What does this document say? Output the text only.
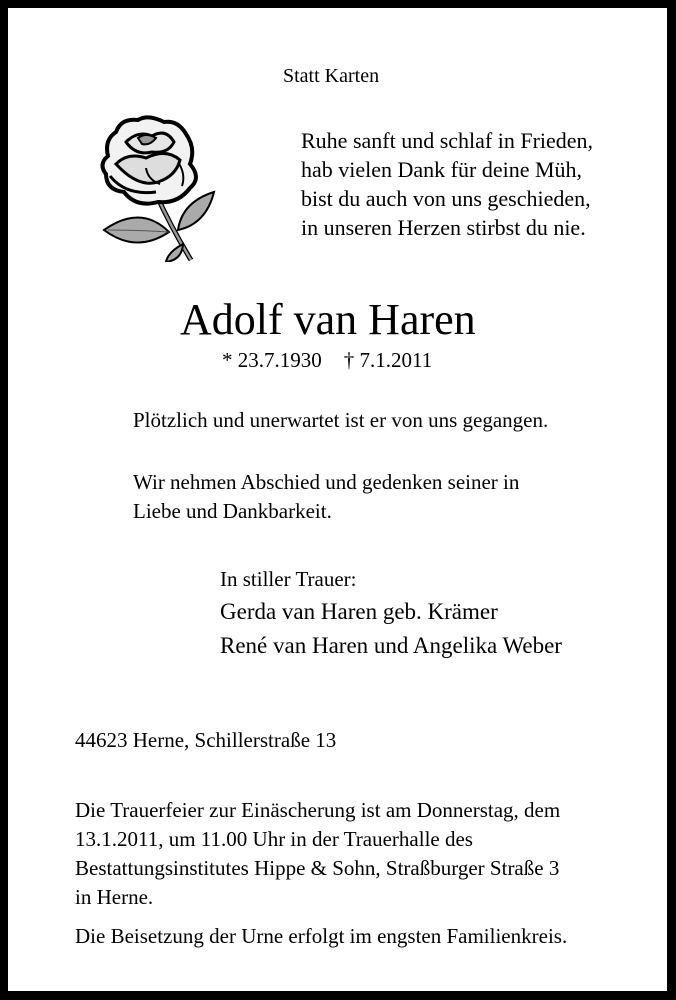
Statt Karten
Ruhe sanft und schlaf in Frieden,
hab vielen Dank für deine Müh,
bist du auch von uns geschieden,
in unseren Herzen stirbst du nie.
Adolf van Haren
* 23.7.1930 † 7.1.2011
Plötzlich und unerwartet ist er von uns gegangen.
Wir nehmen Abschied und gedenken seiner in
Liebe und Dankbarkeit.
In stiller Trauer:
Gerda van Haren geb. Krämer
René van Haren und Angelika Weber
44623 Herne, Schillerstraße 13
Die Trauerfeier zur Einäscherung ist am Donnerstag, dem
13.1.2011, um 11.00 Uhr in der Trauerhalle des
Bestattungsinstitutes Hippe & Sohn, Straßburger Straße 3
in Herne.
Die Beisetzung der Urne erfolgt im engsten Familienkreis.
